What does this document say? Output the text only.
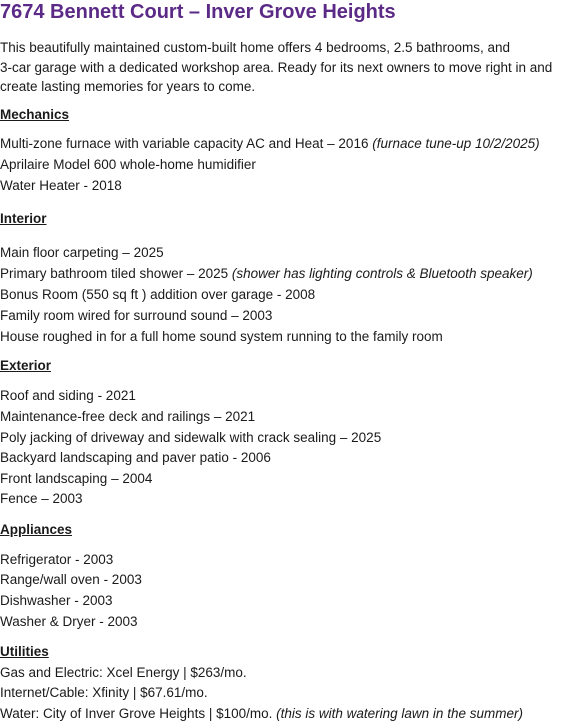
7674 Bennett Court – Inver Grove Heights
This beautifully maintained custom-built home offers 4 bedrooms, 2.5 bathrooms, and
3-car garage with a dedicated workshop area. Ready for its next owners to move right in and
create lasting memories for years to come.
Mechanics
Multi-zone furnace with variable capacity AC and Heat – 2016 (furnace tune-up 10/2/2025)
Aprilaire Model 600 whole-home humidifier
Water Heater - 2018
Interior
Main floor carpeting – 2025
Primary bathroom tiled shower – 2025 (shower has lighting controls & Bluetooth speaker)
Bonus Room (550 sq ft ) addition over garage - 2008
Family room wired for surround sound – 2003
House roughed in for a full home sound system running to the family room
Exterior
Roof and siding - 2021
Maintenance-free deck and railings – 2021
Poly jacking of driveway and sidewalk with crack sealing – 2025
Backyard landscaping and paver patio - 2006
Front landscaping – 2004
Fence – 2003
Appliances
Refrigerator - 2003
Range/wall oven - 2003
Dishwasher - 2003
Washer & Dryer - 2003
Utilities
Gas and Electric: Xcel Energy | $263/mo.
Internet/Cable: Xfinity | $67.61/mo.
Water: City of Inver Grove Heights | $100/mo. (this is with watering lawn in the summer)
